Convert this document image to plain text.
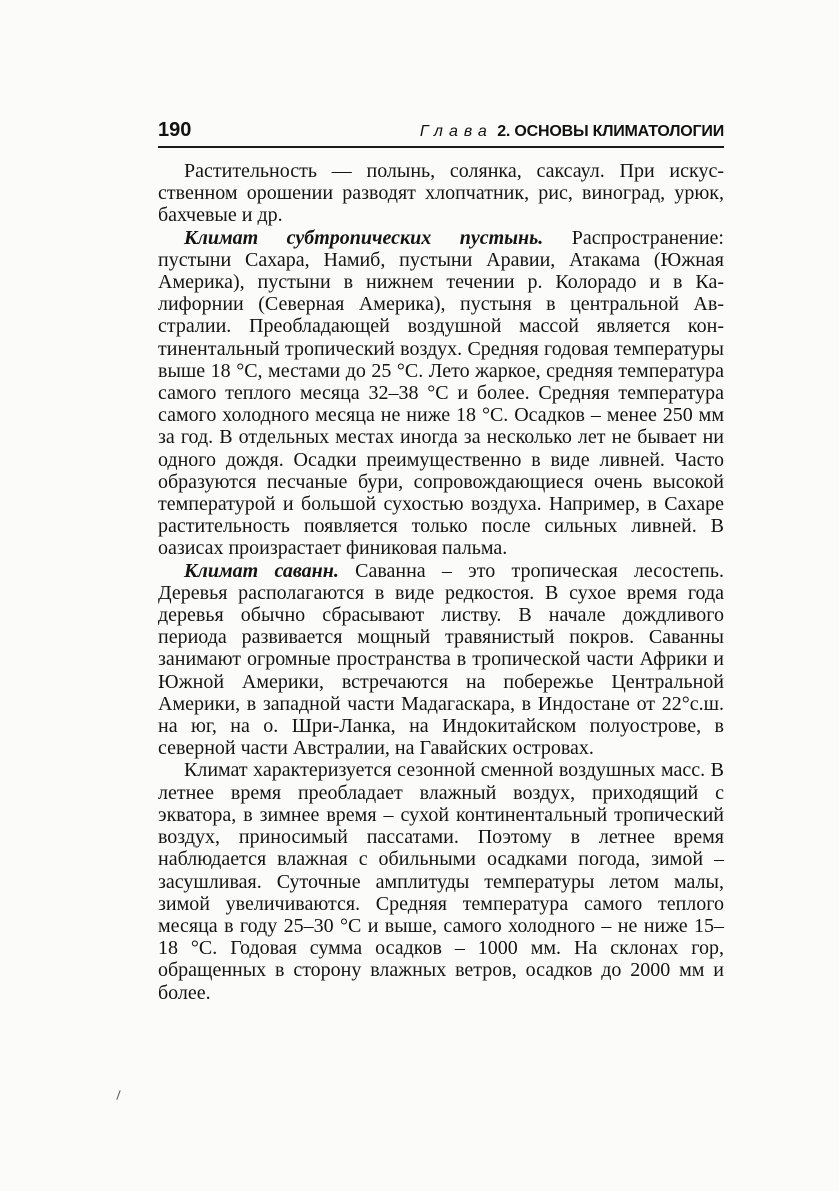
190	Глава 2. ОСНОВЫ КЛИМАТОЛОГИИ

Растительность — полынь, солянка, саксаул. При искусственном орошении разводят хлопчатник, рис, виноград, урюк, бахчевые и др.

Климат субтропических пустынь. Распространение: пустыни Сахара, Намиб, пустыни Аравии, Атакама (Южная Америка), пустыни в нижнем течении р. Колорадо и в Калифорнии (Северная Америка), пустыня в центральной Австралии. Преобладающей воздушной массой является континентальный тропический воздух. Средняя годовая температуры выше 18 °С, местами до 25 °С. Лето жаркое, средняя температура самого теплого месяца 32–38 °С и более. Средняя температура самого холодного месяца не ниже 18 °С. Осадков – менее 250 мм за год. В отдельных местах иногда за несколько лет не бывает ни одного дождя. Осадки преимущественно в виде ливней. Часто образуются песчаные бури, сопровождающиеся очень высокой температурой и большой сухостью воздуха. Например, в Сахаре растительность появляется только после сильных ливней. В оазисах произрастает финиковая пальма.

Климат саванн. Саванна – это тропическая лесостепь. Деревья располагаются в виде редкостоя. В сухое время года деревья обычно сбрасывают листву. В начале дождливого периода развивается мощный травянистый покров. Саванны занимают огромные пространства в тропической части Африки и Южной Америки, встречаются на побережье Центральной Америки, в западной части Мадагаскара, в Индостане от 22°с.ш. на юг, на о. Шри-Ланка, на Индокитайском полуострове, в северной части Австралии, на Гавайских островах.

Климат характеризуется сезонной сменной воздушных масс. В летнее время преобладает влажный воздух, приходящий с экватора, в зимнее время – сухой континентальный тропический воздух, приносимый пассатами. Поэтому в летнее время наблюдается влажная с обильными осадками погода, зимой – засушливая. Суточные амплитуды температуры летом малы, зимой увеличиваются. Средняя температура самого теплого месяца в году 25–30 °С и выше, самого холодного – не ниже 15–18 °С. Годовая сумма осадков – 1000 мм. На склонах гор, обращенных в сторону влажных ветров, осадков до 2000 мм и более.
